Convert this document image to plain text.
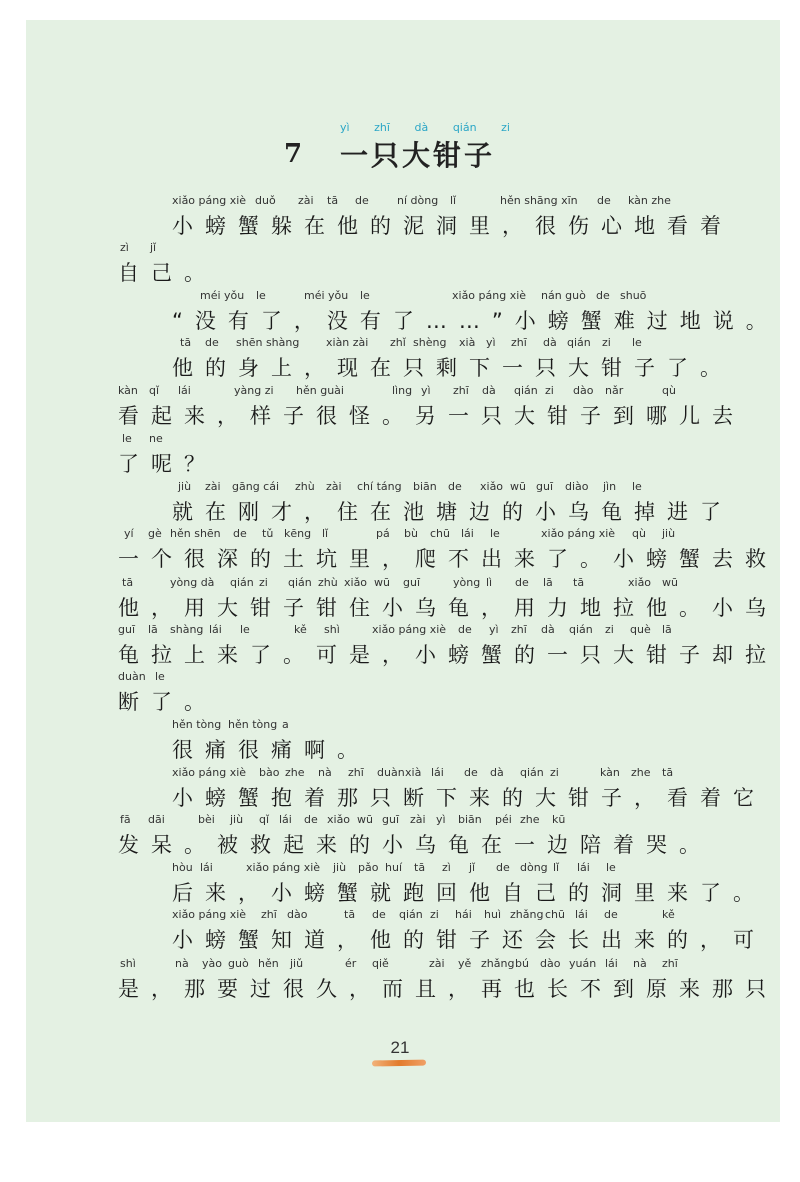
yì zhī dà qián zi
7	一只大钳子
xiǎo páng xiè duǒ zài tā de	ní dòng lǐ	hěn shāng xīn de kàn zhe
小螃蟹躲在他的泥洞里，很伤心地看着
zì jǐ
自己。
méi yǒu le	méi yǒu le	xiǎo páng xiè nán guò de shuō
“没有了，没有了……”小螃蟹难过地说。
tā de shēn shàng xiàn zài zhǐ shèng xià yì zhī dà qián zi le
他的身上，现在只剩下一只大钳子了。
kàn qǐ lái	yàng zi hěn guài	lìng yì zhī dà qián zi dào nǎr	qù
看起来，样子很怪。另一只大钳子到哪儿去
le ne
了呢？
jiù zài gāng cái zhù zài chí táng biān de xiǎo wū guī diào jìn le
就在刚才，住在池塘边的小乌龟掉进了
yí gè hěn shēn de tǔ kēng lǐ	pá bù chū lái le	xiǎo páng xiè qù jiù
一个很深的土坑里，爬不出来了。小螃蟹去救
tā	yòng dà qián zi qián zhù xiǎo wū guī	yòng lì de lā tā	xiǎo wū
他，用大钳子钳住小乌龟，用力地拉他。小乌
guī lā shàng lái le	kě shì	xiǎo páng xiè de yì zhī dà qián zi què lā
龟拉上来了。可是，小螃蟹的一只大钳子却拉
duàn le
断了。
hěn tòng hěn tòng a
很痛很痛啊。
xiǎo páng xiè bào zhe nà zhī duàn xià lái de dà qián zi	kàn zhe tā
小螃蟹抱着那只断下来的大钳子，看着它
fā dāi	bèi jiù qǐ lái de xiǎo wū guī zài yì biān péi zhe kū
发呆。被救起来的小乌龟在一边陪着哭。
hòu lái	xiǎo páng xiè jiù pǎo huí tā zì jǐ de dòng lǐ lái le
后来，小螃蟹就跑回他自己的洞里来了。
xiǎo páng xiè zhī dào	tā de qián zi hái huì zhǎng chū lái de	kě
小螃蟹知道，他的钳子还会长出来的，可
shì	nà yào guò hěn jiǔ	ér qiě	zài yě zhǎng bú dào yuán lái nà zhī
是，那要过很久，而且，再也长不到原来那只
21
